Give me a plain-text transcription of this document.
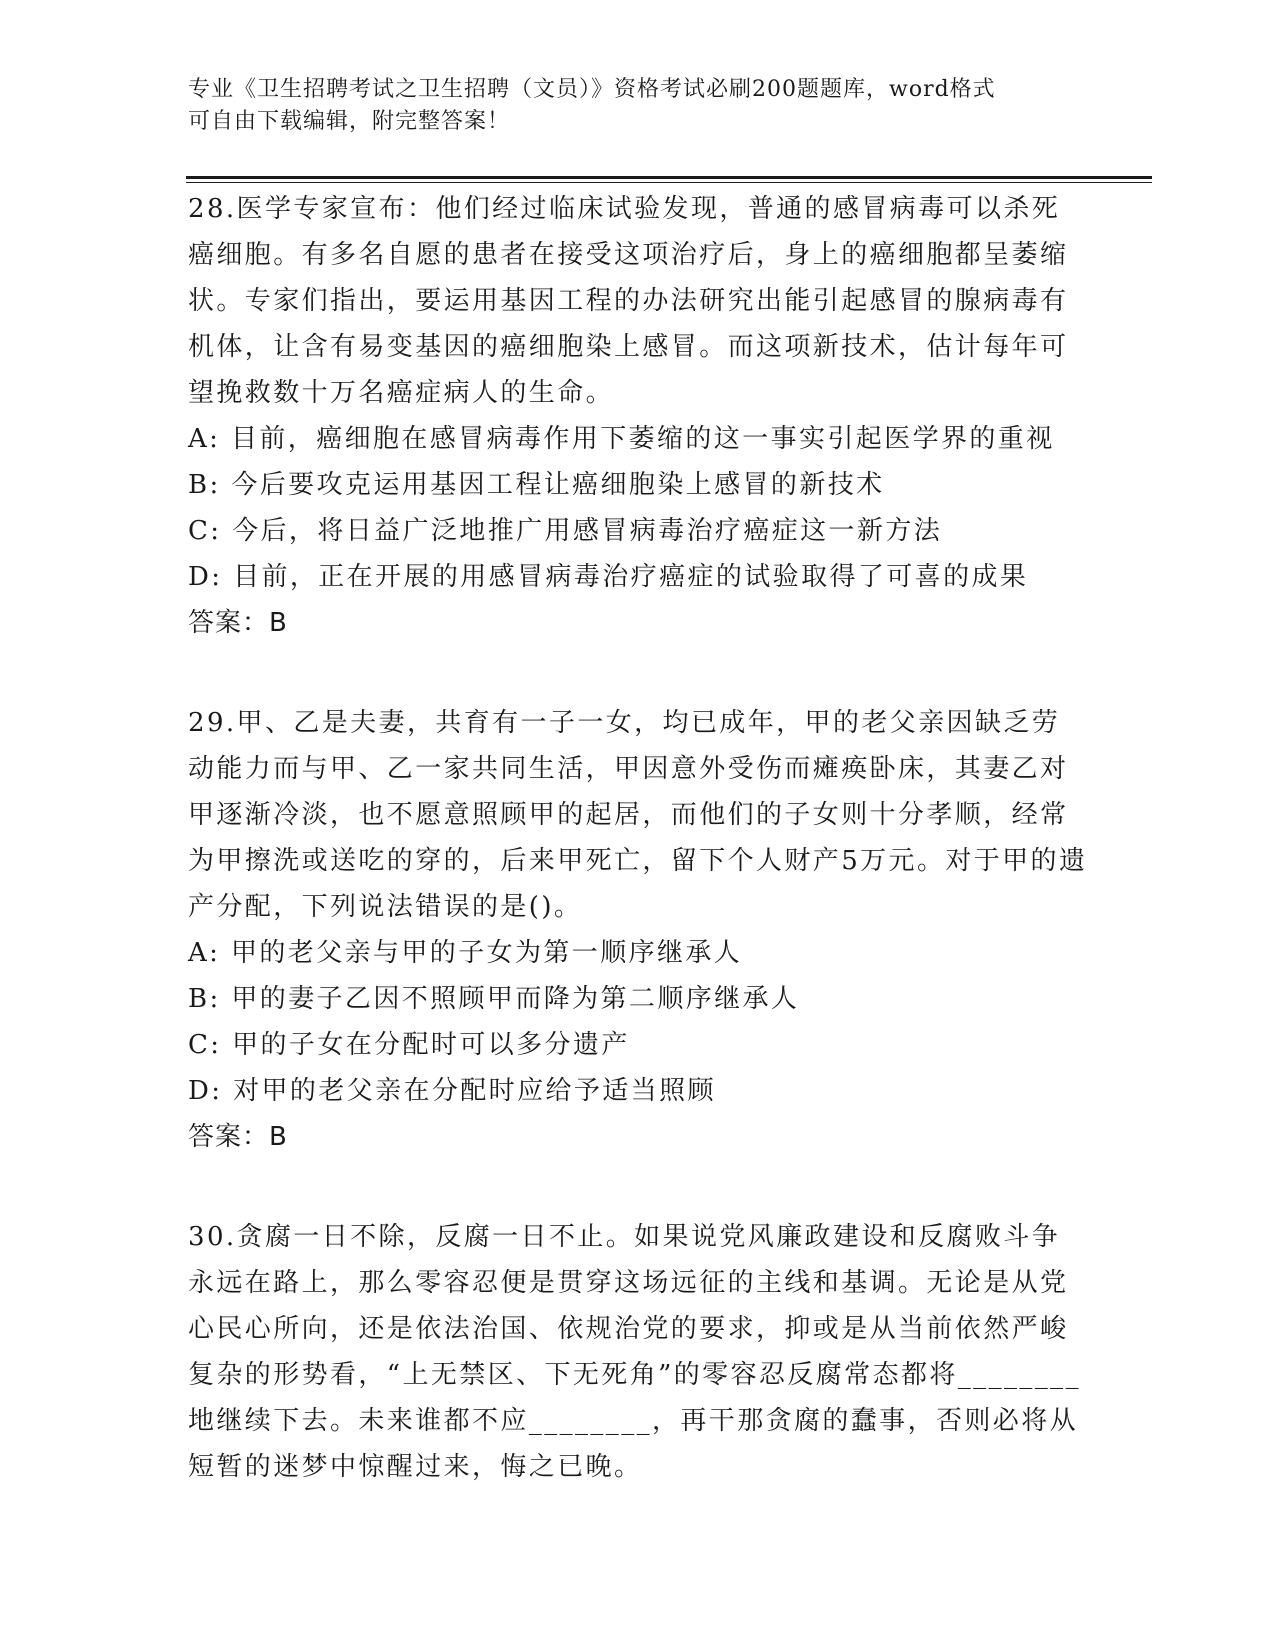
专业《卫生招聘考试之卫生招聘（文员）》资格考试必刷200题题库，word格式
可自由下载编辑，附完整答案！

28.医学专家宣布：他们经过临床试验发现，普通的感冒病毒可以杀死癌细胞。有多名自愿的患者在接受这项治疗后，身上的癌细胞都呈萎缩状。专家们指出，要运用基因工程的办法研究出能引起感冒的腺病毒有机体，让含有易变基因的癌细胞染上感冒。而这项新技术，估计每年可望挽救数十万名癌症病人的生命。

A: 目前，癌细胞在感冒病毒作用下萎缩的这一事实引起医学界的重视

B: 今后要攻克运用基因工程让癌细胞染上感冒的新技术

C: 今后，将日益广泛地推广用感冒病毒治疗癌症这一新方法

D: 目前，正在开展的用感冒病毒治疗癌症的试验取得了可喜的成果

答案：B

29.甲、乙是夫妻，共育有一子一女，均已成年，甲的老父亲因缺乏劳动能力而与甲、乙一家共同生活，甲因意外受伤而瘫痪卧床，其妻乙对甲逐渐冷淡，也不愿意照顾甲的起居，而他们的子女则十分孝顺，经常为甲擦洗或送吃的穿的，后来甲死亡，留下个人财产5万元。对于甲的遗产分配，下列说法错误的是()。

A: 甲的老父亲与甲的子女为第一顺序继承人

B: 甲的妻子乙因不照顾甲而降为第二顺序继承人

C: 甲的子女在分配时可以多分遗产

D: 对甲的老父亲在分配时应给予适当照顾

答案：B

30.贪腐一日不除，反腐一日不止。如果说党风廉政建设和反腐败斗争永远在路上，那么零容忍便是贯穿这场远征的主线和基调。无论是从党心民心所向，还是依法治国、依规治党的要求，抑或是从当前依然严峻复杂的形势看，“上无禁区、下无死角”的零容忍反腐常态都将________地继续下去。未来谁都不应________，再干那贪腐的蠢事，否则必将从短暂的迷梦中惊醒过来，悔之已晚。
